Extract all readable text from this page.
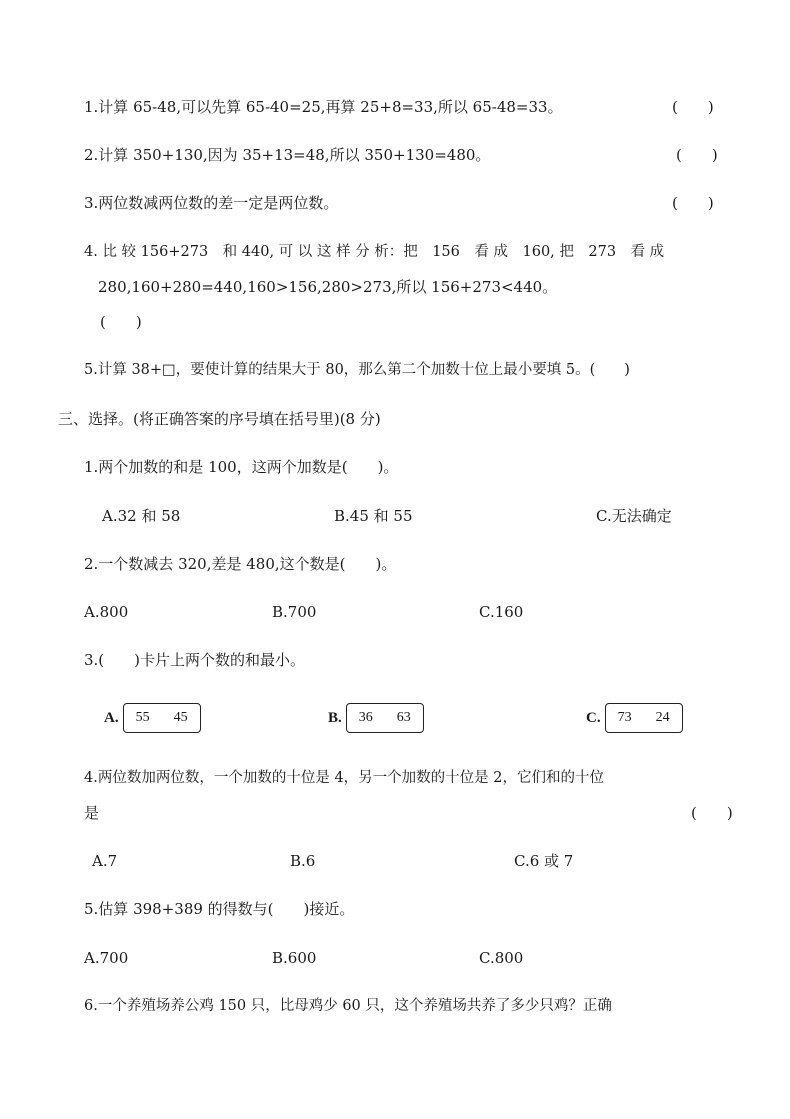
1.计算 65-48,可以先算 65-40=25,再算 25+8=33,所以 65-48=33。	(　　)
2.计算 350+130,因为 35+13=48,所以 350+130=480。	(　　)
3.两位数减两位数的差一定是两位数。	(　　)
4. 比 较 156+273　和 440, 可 以 这 样 分 析：把　156　看 成　160, 把　273　看 成
280,160+280=440,160>156,280>273,所以 156+273<440。
(　　)
5.计算 38+□，要使计算的结果大于 80，那么第二个加数十位上最小要填 5。(　　)
三、选择。(将正确答案的序号填在括号里)(8 分)
1.两个加数的和是 100，这两个加数是(　　)。
A.32 和 58	B.45 和 55	C.无法确定
2.一个数减去 320,差是 480,这个数是(　　)。
A.800	B.700	C.160
3.(　　)卡片上两个数的和最小。
A. 55 45	B. 36 63	C. 73 24
4.两位数加两位数，一个加数的十位是 4，另一个加数的十位是 2，它们和的十位
是	(　　)
A.7	B.6	C.6 或 7
5.估算 398+389 的得数与(　　)接近。
A.700	B.600	C.800
6.一个养殖场养公鸡 150 只，比母鸡少 60 只，这个养殖场共养了多少只鸡？正确
